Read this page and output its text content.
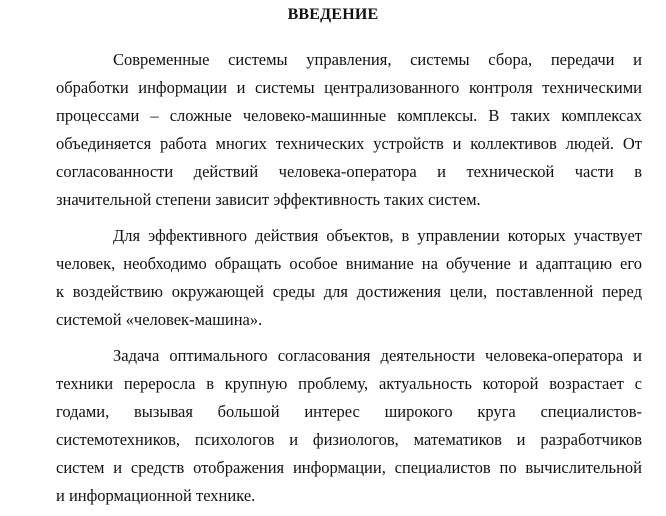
ВВЕДЕНИЕ
Современные системы управления, системы сбора, передачи и
обработки информации и системы централизованного контроля техническими
процессами – сложные человеко-машинные комплексы. В таких комплексах
объединяется работа многих технических устройств и коллективов людей. От
согласованности действий человека-оператора и технической части в
значительной степени зависит эффективность таких систем.
Для эффективного действия объектов, в управлении которых участвует
человек, необходимо обращать особое внимание на обучение и адаптацию его
к воздействию окружающей среды для достижения цели, поставленной перед
системой «человек-машина».
Задача оптимального согласования деятельности человека-оператора и
техники переросла в крупную проблему, актуальность которой возрастает с
годами, вызывая большой интерес широкого круга специалистов-
системотехников, психологов и физиологов, математиков и разработчиков
систем и средств отображения информации, специалистов по вычислительной
и информационной технике.
